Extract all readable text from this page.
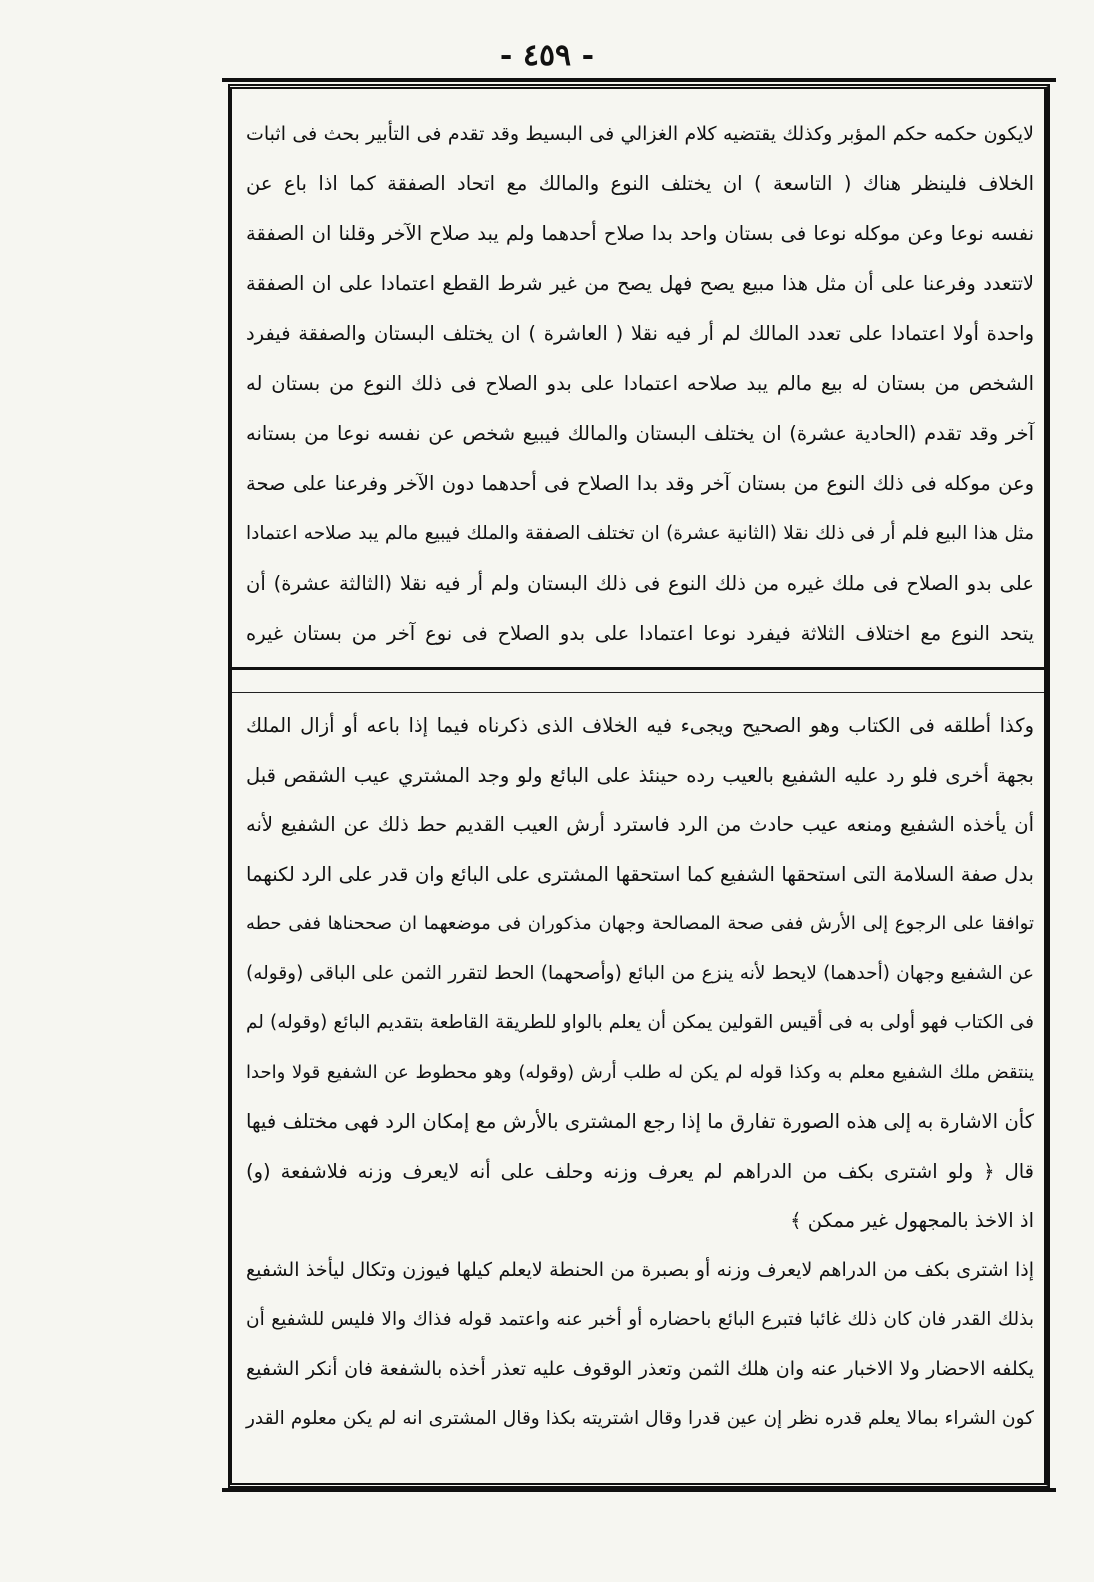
- ٤٥٩ -
لايكون حكمه حكم المؤبر وكذلك يقتضيه كلام الغزالي فى البسيط وقد تقدم فى التأبير بحث فى اثبات
الخلاف فلينظر هناك ( التاسعة ) ان يختلف النوع والمالك مع اتحاد الصفقة كما اذا باع عن
نفسه نوعا وعن موكله نوعا فى بستان واحد بدا صلاح أحدهما ولم يبد صلاح الآخر وقلنا ان الصفقة
لاتتعدد وفرعنا على أن مثل هذا مبيع يصح فهل يصح من غير شرط القطع اعتمادا على ان الصفقة
واحدة أولا اعتمادا على تعدد المالك لم أر فيه نقلا ( العاشرة ) ان يختلف البستان والصفقة فيفرد
الشخص من بستان له بيع مالم يبد صلاحه اعتمادا على بدو الصلاح فى ذلك النوع من بستان له
آخر وقد تقدم (الحادية عشرة) ان يختلف البستان والمالك فيبيع شخص عن نفسه نوعا من بستانه
وعن موكله فى ذلك النوع من بستان آخر وقد بدا الصلاح فى أحدهما دون الآخر وفرعنا على صحة
مثل هذا البيع فلم أر فى ذلك نقلا (الثانية عشرة) ان تختلف الصفقة والملك فيبيع مالم يبد صلاحه اعتمادا
على بدو الصلاح فى ملك غيره من ذلك النوع فى ذلك البستان ولم أر فيه نقلا (الثالثة عشرة) أن
يتحد النوع مع اختلاف الثلاثة فيفرد نوعا اعتمادا على بدو الصلاح فى نوع آخر من بستان غيره
وكذا أطلقه فى الكتاب وهو الصحيح ويجىء فيه الخلاف الذى ذكرناه فيما إذا باعه أو أزال الملك
بجهة أخرى فلو رد عليه الشفيع بالعيب رده حينئذ على البائع ولو وجد المشتري عيب الشقص قبل
أن يأخذه الشفيع ومنعه عيب حادث من الرد فاسترد أرش العيب القديم حط ذلك عن الشفيع لأنه
بدل صفة السلامة التى استحقها الشفيع كما استحقها المشترى على البائع وان قدر على الرد لكنهما
توافقا على الرجوع إلى الأرش ففى صحة المصالحة وجهان مذكوران فى موضعهما ان صححناها ففى حطه
عن الشفيع وجهان (أحدهما) لايحط لأنه ينزع من البائع (وأصحهما) الحط لتقرر الثمن على الباقى (وقوله)
فى الكتاب فهو أولى به فى أقيس القولين يمكن أن يعلم بالواو للطريقة القاطعة بتقديم البائع (وقوله) لم
ينتقض ملك الشفيع معلم به وكذا قوله لم يكن له طلب أرش (وقوله) وهو محطوط عن الشفيع قولا واحدا
كأن الاشارة به إلى هذه الصورة تفارق ما إذا رجع المشترى بالأرش مع إمكان الرد فهى مختلف فيها
قال ﴿ ولو اشترى بكف من الدراهم لم يعرف وزنه وحلف على أنه لايعرف وزنه فلاشفعة (و)
اذ الاخذ بالمجهول غير ممكن ﴾
إذا اشترى بكف من الدراهم لايعرف وزنه أو بصبرة من الحنطة لايعلم كيلها فيوزن وتكال ليأخذ الشفيع
بذلك القدر فان كان ذلك غائبا فتبرع البائع باحضاره أو أخبر عنه واعتمد قوله فذاك والا فليس للشفيع أن
يكلفه الاحضار ولا الاخبار عنه وان هلك الثمن وتعذر الوقوف عليه تعذر أخذه بالشفعة فان أنكر الشفيع
كون الشراء بمالا يعلم قدره نظر إن عين قدرا وقال اشتريته بكذا وقال المشترى انه لم يكن معلوم القدر
